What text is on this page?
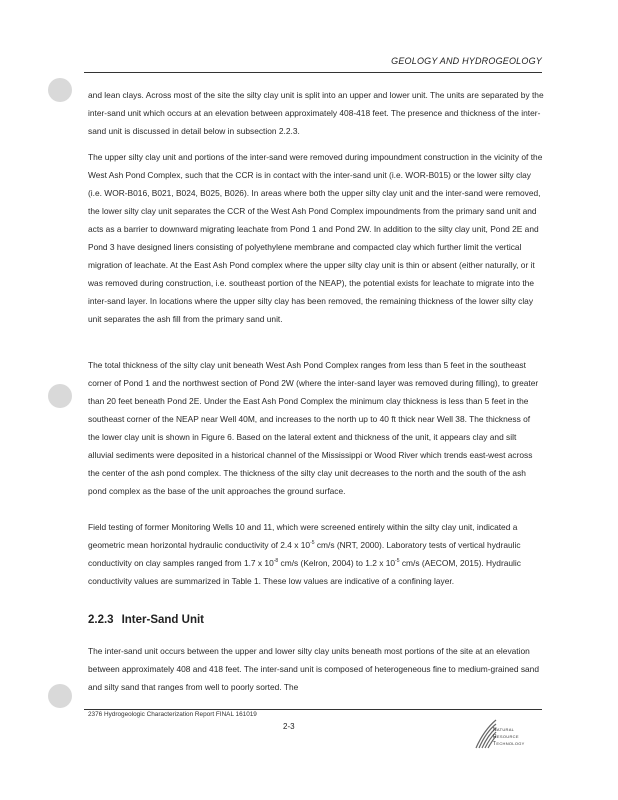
GEOLOGY AND HYDROGEOLOGY

and lean clays. Across most of the site the silty clay unit is split into an upper and lower unit. The units are separated by the inter-sand unit which occurs at an elevation between approximately 408-418 feet. The presence and thickness of the inter-sand unit is discussed in detail below in subsection 2.2.3.

The upper silty clay unit and portions of the inter-sand were removed during impoundment construction in the vicinity of the West Ash Pond Complex, such that the CCR is in contact with the inter-sand unit (i.e. WOR-B015) or the lower silty clay (i.e. WOR-B016, B021, B024, B025, B026). In areas where both the upper silty clay unit and the inter-sand were removed, the lower silty clay unit separates the CCR of the West Ash Pond Complex impoundments from the primary sand unit and acts as a barrier to downward migrating leachate from Pond 1 and Pond 2W. In addition to the silty clay unit, Pond 2E and Pond 3 have designed liners consisting of polyethylene membrane and compacted clay which further limit the vertical migration of leachate. At the East Ash Pond complex where the upper silty clay unit is thin or absent (either naturally, or it was removed during construction, i.e. southeast portion of the NEAP), the potential exists for leachate to migrate into the inter-sand layer. In locations where the upper silty clay has been removed, the remaining thickness of the lower silty clay unit separates the ash fill from the primary sand unit.

The total thickness of the silty clay unit beneath West Ash Pond Complex ranges from less than 5 feet in the southeast corner of Pond 1 and the northwest section of Pond 2W (where the inter-sand layer was removed during filling), to greater than 20 feet beneath Pond 2E. Under the East Ash Pond Complex the minimum clay thickness is less than 5 feet in the southeast corner of the NEAP near Well 40M, and increases to the north up to 40 ft thick near Well 38. The thickness of the lower clay unit is shown in Figure 6. Based on the lateral extent and thickness of the unit, it appears clay and silt alluvial sediments were deposited in a historical channel of the Mississippi or Wood River which trends east-west across the center of the ash pond complex. The thickness of the silty clay unit decreases to the north and the south of the ash pond complex as the base of the unit approaches the ground surface.

Field testing of former Monitoring Wells 10 and 11, which were screened entirely within the silty clay unit, indicated a geometric mean horizontal hydraulic conductivity of 2.4 x $10^{-5}$ cm/s (NRT, 2000). Laboratory tests of vertical hydraulic conductivity on clay samples ranged from 1.7 x $10^{-8}$ cm/s (Kelron, 2004) to 1.2 x $10^{-5}$ cm/s (AECOM, 2015). Hydraulic conductivity values are summarized in Table 1. These low values are indicative of a confining layer.

2.2.3 Inter-Sand Unit

The inter-sand unit occurs between the upper and lower silty clay units beneath most portions of the site at an elevation between approximately 408 and 418 feet. The inter-sand unit is composed of heterogeneous fine to medium-grained sand and silty sand that ranges from well to poorly sorted. The

2376 Hydrogeologic Characterization Report FINAL 161019
2-3	Natural
Resource
Technology
